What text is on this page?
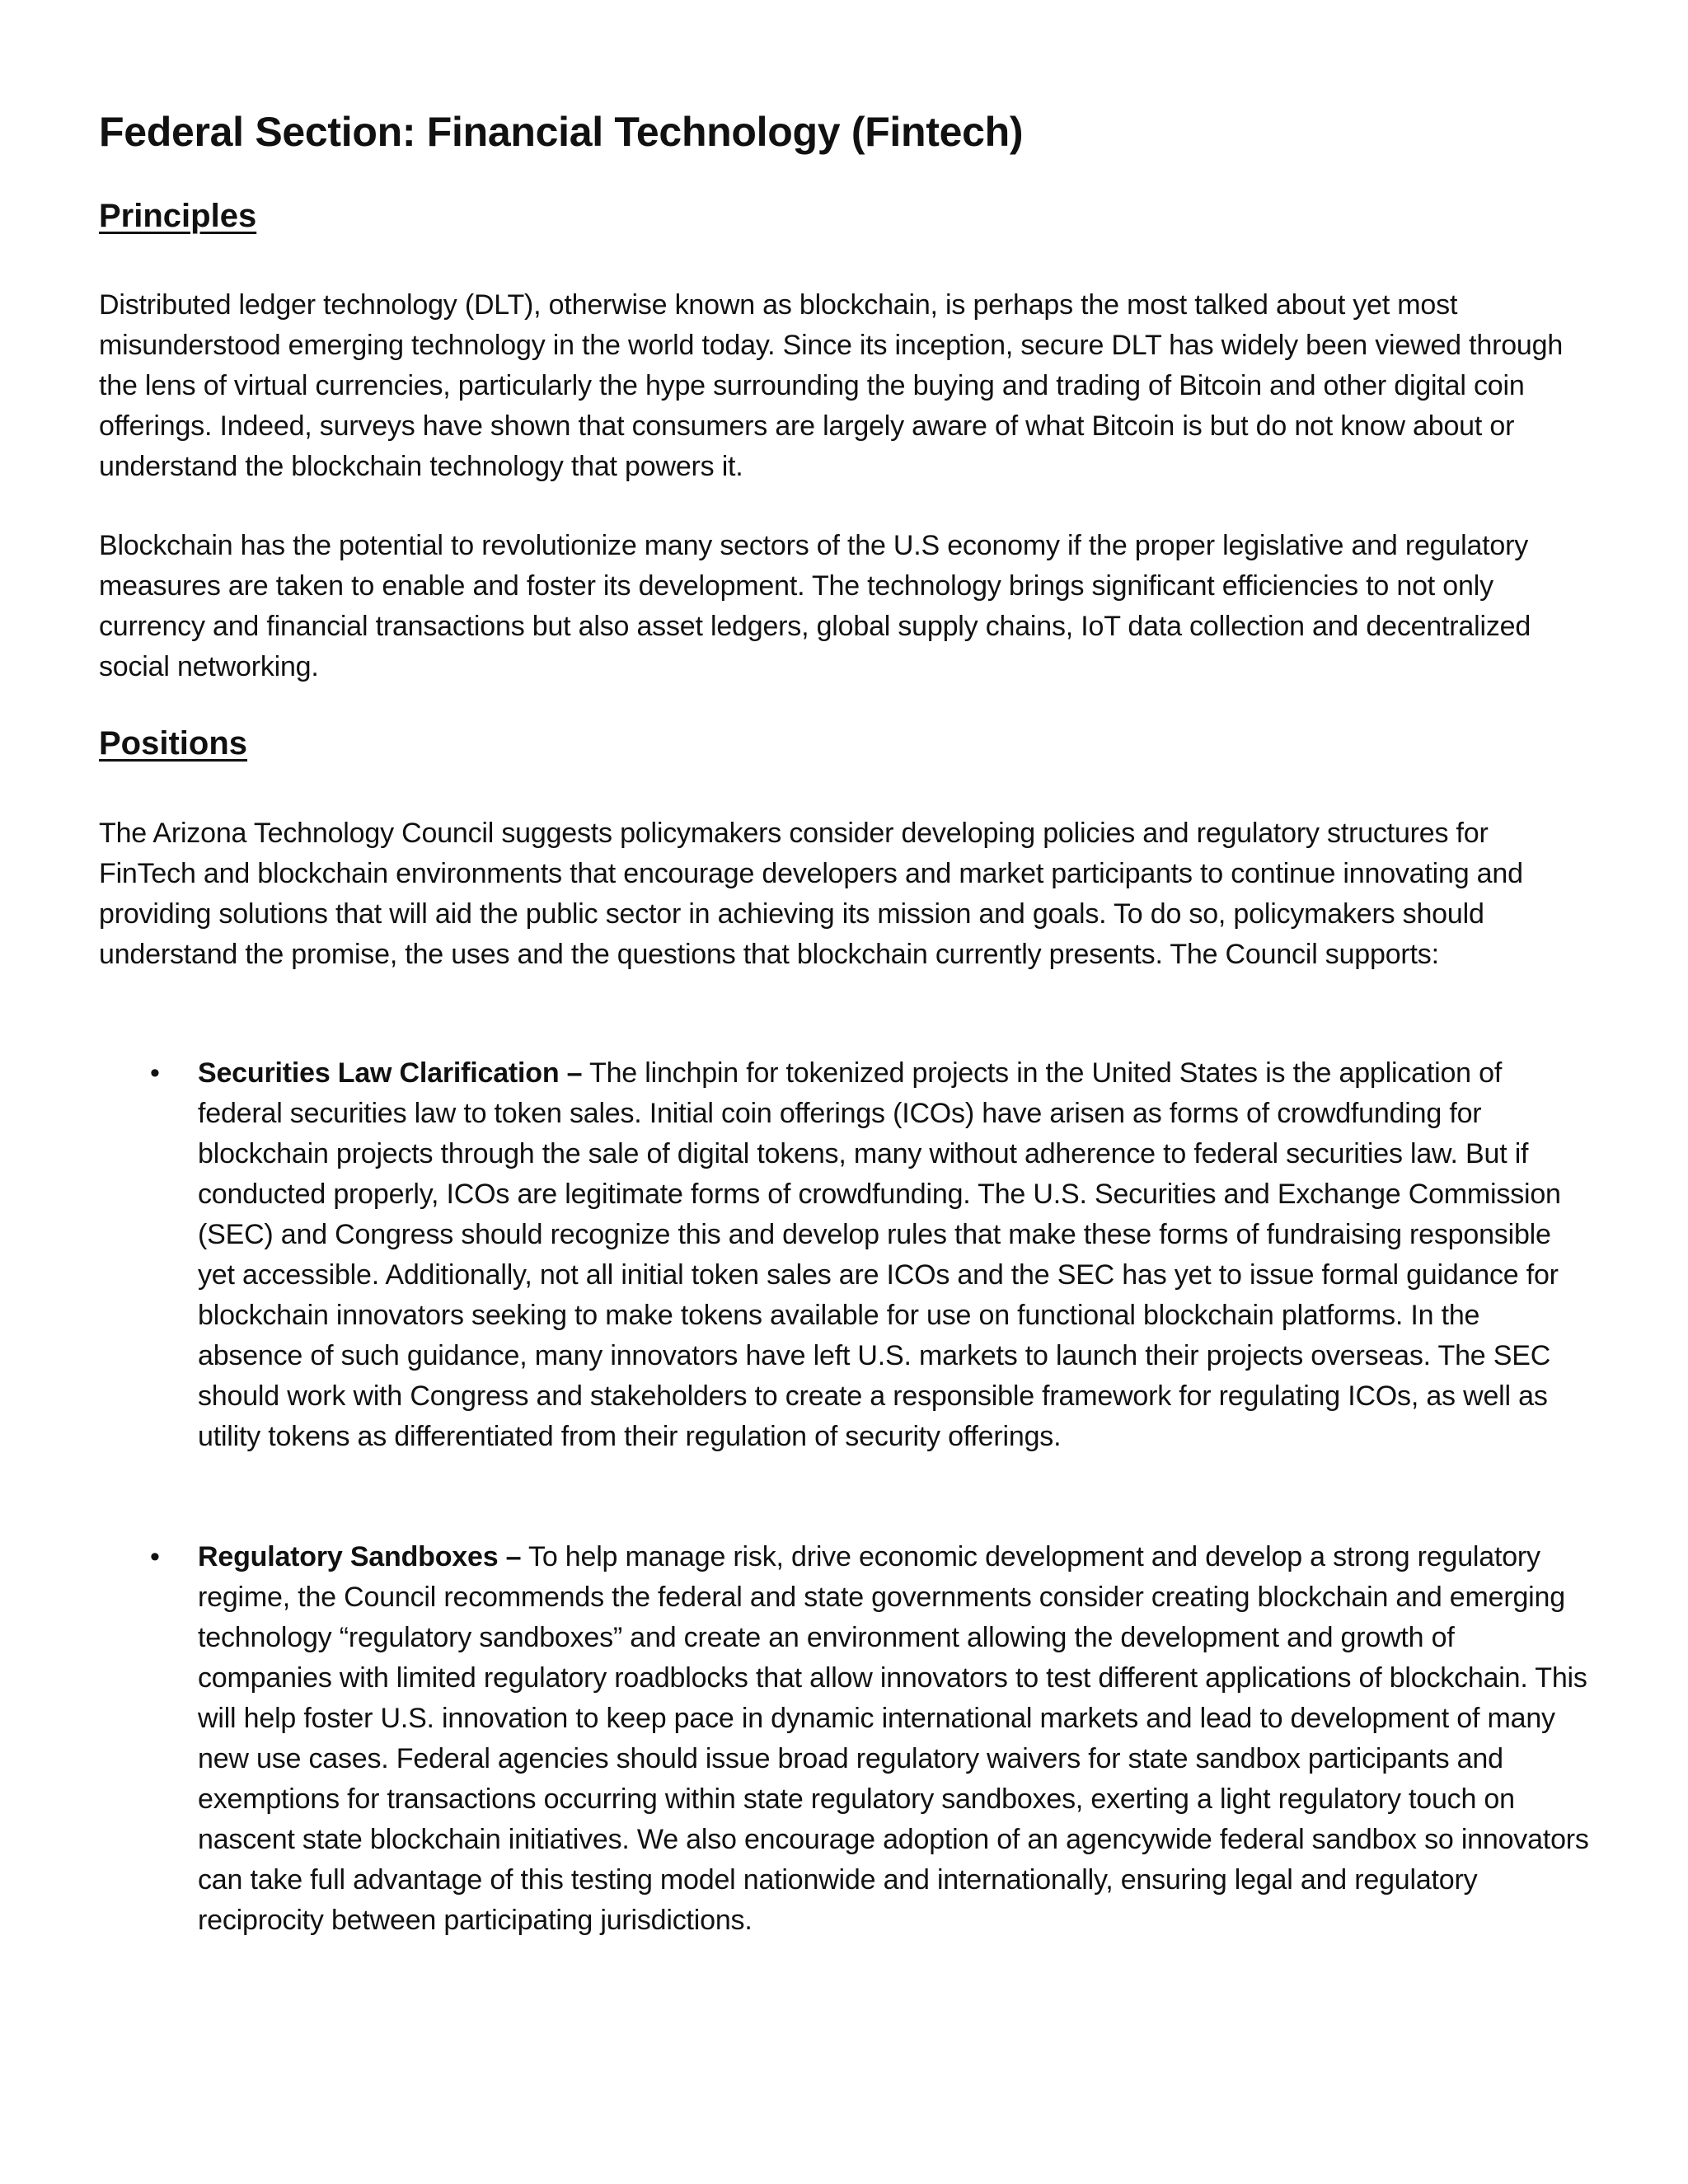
Federal Section: Financial Technology (Fintech)
Principles

Distributed ledger technology (DLT), otherwise known as blockchain, is perhaps the most talked about yet most misunderstood emerging technology in the world today. Since its inception, secure DLT has widely been viewed through the lens of virtual currencies, particularly the hype surrounding the buying and trading of Bitcoin and other digital coin offerings. Indeed, surveys have shown that consumers are largely aware of what Bitcoin is but do not know about or understand the blockchain technology that powers it.

Blockchain has the potential to revolutionize many sectors of the U.S economy if the proper legislative and regulatory measures are taken to enable and foster its development. The technology brings significant efficiencies to not only currency and financial transactions but also asset ledgers, global supply chains, IoT data collection and decentralized social networking.

Positions

The Arizona Technology Council suggests policymakers consider developing policies and regulatory structures for FinTech and blockchain environments that encourage developers and market participants to continue innovating and providing solutions that will aid the public sector in achieving its mission and goals. To do so, policymakers should understand the promise, the uses and the questions that blockchain currently presents. The Council supports:

• Securities Law Clarification – The linchpin for tokenized projects in the United States is the application of federal securities law to token sales. Initial coin offerings (ICOs) have arisen as forms of crowdfunding for blockchain projects through the sale of digital tokens, many without adherence to federal securities law. But if conducted properly, ICOs are legitimate forms of crowdfunding. The U.S. Securities and Exchange Commission (SEC) and Congress should recognize this and develop rules that make these forms of fundraising responsible yet accessible. Additionally, not all initial token sales are ICOs and the SEC has yet to issue formal guidance for blockchain innovators seeking to make tokens available for use on functional blockchain platforms. In the absence of such guidance, many innovators have left U.S. markets to launch their projects overseas. The SEC should work with Congress and stakeholders to create a responsible framework for regulating ICOs, as well as utility tokens as differentiated from their regulation of security offerings.

• Regulatory Sandboxes – To help manage risk, drive economic development and develop a strong regulatory regime, the Council recommends the federal and state governments consider creating blockchain and emerging technology “regulatory sandboxes” and create an environment allowing the development and growth of companies with limited regulatory roadblocks that allow innovators to test different applications of blockchain. This will help foster U.S. innovation to keep pace in dynamic international markets and lead to development of many new use cases. Federal agencies should issue broad regulatory waivers for state sandbox participants and exemptions for transactions occurring within state regulatory sandboxes, exerting a light regulatory touch on nascent state blockchain initiatives. We also encourage adoption of an agencywide federal sandbox so innovators can take full advantage of this testing model nationwide and internationally, ensuring legal and regulatory reciprocity between participating jurisdictions.
